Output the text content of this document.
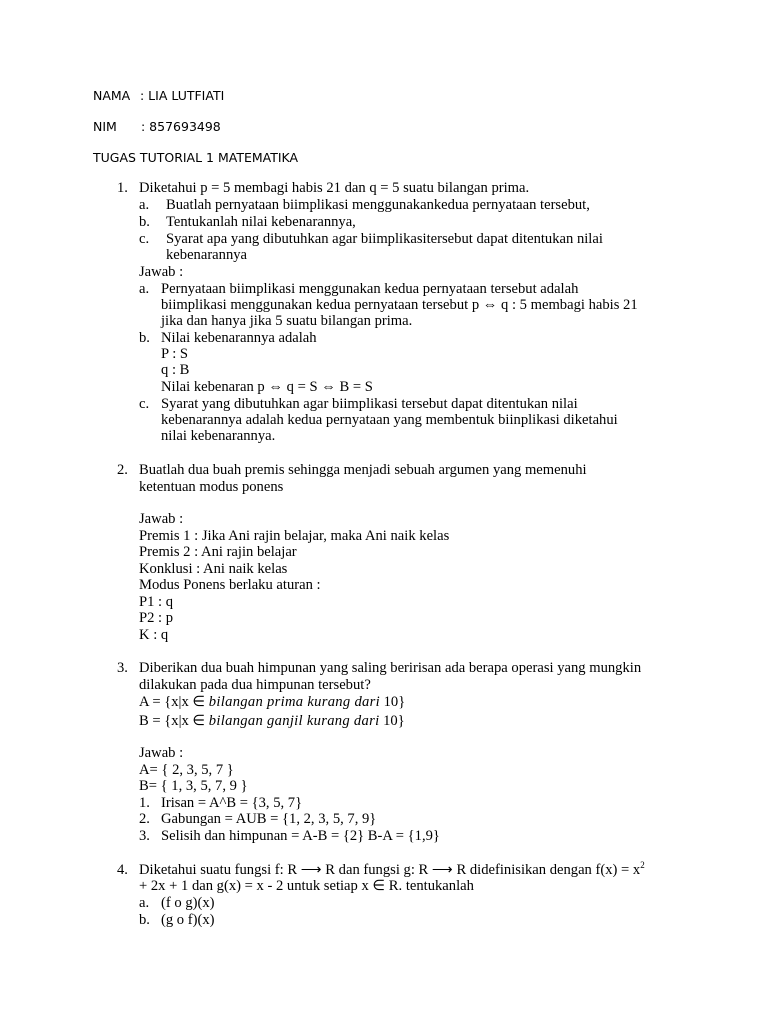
NAMA : LIA LUTFIATI
NIM : 857693498
TUGAS TUTORIAL 1 MATEMATIKA
1. Diketahui p = 5 membagi habis 21 dan q = 5 suatu bilangan prima.
a. Buatlah pernyataan biimplikasi menggunakankedua pernyataan tersebut,
b. Tentukanlah nilai kebenarannya,
c. Syarat apa yang dibutuhkan agar biimplikasitersebut dapat ditentukan nilai
kebenarannya
Jawab :
a. Pernyataan biimplikasi menggunakan kedua pernyataan tersebut adalah
biimplikasi menggunakan kedua pernyataan tersebut p ⇔ q : 5 membagi habis 21
jika dan hanya jika 5 suatu bilangan prima.
b. Nilai kebenarannya adalah
P : S
q : B
Nilai kebenaran p ⇔ q = S ⇔ B = S
c. Syarat yang dibutuhkan agar biimplikasi tersebut dapat ditentukan nilai
kebenarannya adalah kedua pernyataan yang membentuk biinplikasi diketahui
nilai kebenarannya.
2. Buatlah dua buah premis sehingga menjadi sebuah argumen yang memenuhi
ketentuan modus ponens
Jawab :
Premis 1 : Jika Ani rajin belajar, maka Ani naik kelas
Premis 2 : Ani rajin belajar
Konklusi : Ani naik kelas
Modus Ponens berlaku aturan :
P1 : q
P2 : p
K : q
3. Diberikan dua buah himpunan yang saling beririsan ada berapa operasi yang mungkin
dilakukan pada dua himpunan tersebut?
A = {x|x ∈ bilangan prima kurang dari 10}
B = {x|x ∈ bilangan ganjil kurang dari 10}
Jawab :
A= { 2, 3, 5, 7 }
B= { 1, 3, 5, 7, 9 }
1. Irisan = A^B = {3, 5, 7}
2. Gabungan = AUB = {1, 2, 3, 5, 7, 9}
3. Selisih dan himpunan = A-B = {2} B-A = {1,9}
4. Diketahui suatu fungsi f: R ⟶ R dan fungsi g: R ⟶ R didefinisikan dengan $f(x) = x^2$
+ 2x + 1 dan g(x) = x - 2 untuk setiap x ∈ R. tentukanlah
a. (f o g)(x)
b. (g o f)(x)
